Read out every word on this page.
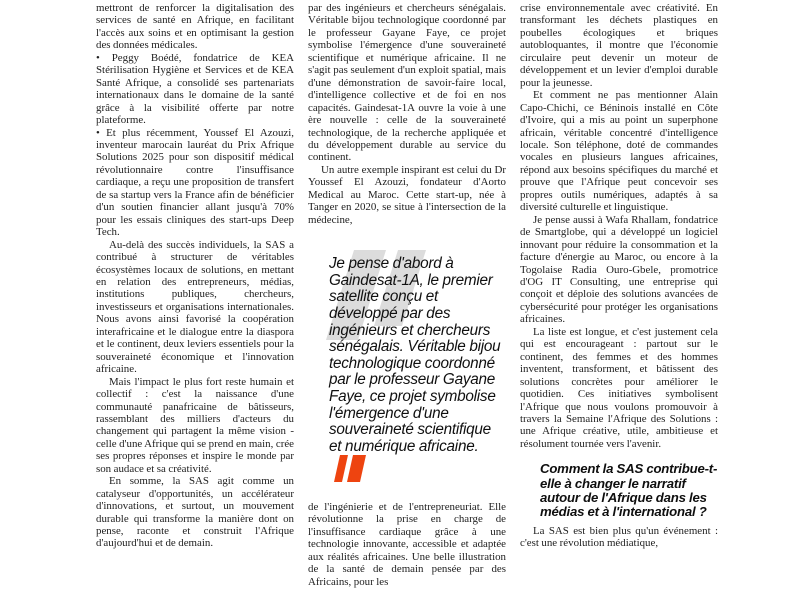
mettront de renforcer la digitalisation des services de santé en Afrique, en facilitant l'accès aux soins et en optimisant la gestion des données médicales.

• Peggy Boédé, fondatrice de KEA Stérilisation Hygiène et Services et de KEA Santé Afrique, a consolidé ses partenariats internationaux dans le domaine de la santé grâce à la visibilité offerte par notre plateforme.

• Et plus récemment, Youssef El Azouzi, inventeur marocain lauréat du Prix Afrique Solutions 2025 pour son dispositif médical révolutionnaire contre l'insuffisance cardiaque, a reçu une proposition de transfert de sa startup vers la France afin de bénéficier d'un soutien financier allant jusqu'à 70% pour les essais cliniques des start-ups Deep Tech.

Au-delà des succès individuels, la SAS a contribué à structurer de véritables écosystèmes locaux de solutions, en mettant en relation des entrepreneurs, médias, institutions publiques, chercheurs, investisseurs et organisations internationales. Nous avons ainsi favorisé la coopération interafricaine et le dialogue entre la diaspora et le continent, deux leviers essentiels pour la souveraineté économique et l'innovation africaine.

Mais l'impact le plus fort reste humain et collectif : c'est la naissance d'une communauté panafricaine de bâtisseurs, rassemblant des milliers d'acteurs du changement qui partagent la même vision - celle d'une Afrique qui se prend en main, crée ses propres réponses et inspire le monde par son audace et sa créativité.

En somme, la SAS agit comme un catalyseur d'opportunités, un accélérateur d'innovations, et surtout, un mouvement durable qui transforme la manière dont on pense, raconte et construit l'Afrique d'aujourd'hui et de demain.

par des ingénieurs et chercheurs sénégalais. Véritable bijou technologique coordonné par le professeur Gayane Faye, ce projet symbolise l'émergence d'une souveraineté scientifique et numérique africaine. Il ne s'agit pas seulement d'un exploit spatial, mais d'une démonstration de savoir-faire local, d'intelligence collective et de foi en nos capacités. Gaindesat-1A ouvre la voie à une ère nouvelle : celle de la souveraineté technologique, de la recherche appliquée et du développement durable au service du continent.

Un autre exemple inspirant est celui du Dr Youssef El Azouzi, fondateur d'Aorto Medical au Maroc. Cette start-up, née à Tanger en 2020, se situe à l'intersection de la médecine,

Je pense d'abord à Gaindesat-1A, le premier satellite conçu et développé par des ingénieurs et chercheurs sénégalais. Véritable bijou technologique coordonné par le professeur Gayane Faye, ce projet symbolise l'émergence d'une souveraineté scientifique et numérique africaine.

de l'ingénierie et de l'entrepreneuriat. Elle révolutionne la prise en charge de l'insuffisance cardiaque grâce à une technologie innovante, accessible et adaptée aux réalités africaines. Une belle illustration de la santé de demain pensée par des Africains, pour les

crise environnementale avec créativité. En transformant les déchets plastiques en poubelles écologiques et briques autobloquantes, il montre que l'économie circulaire peut devenir un moteur de développement et un levier d'emploi durable pour la jeunesse.

Et comment ne pas mentionner Alain Capo-Chichi, ce Béninois installé en Côte d'Ivoire, qui a mis au point un superphone africain, véritable concentré d'intelligence locale. Son téléphone, doté de commandes vocales en plusieurs langues africaines, répond aux besoins spécifiques du marché et prouve que l'Afrique peut concevoir ses propres outils numériques, adaptés à sa diversité culturelle et linguistique.

Je pense aussi à Wafa Rhallam, fondatrice de Smartglobe, qui a développé un logiciel innovant pour réduire la consommation et la facture d'énergie au Maroc, ou encore à la Togolaise Radia Ouro-Gbele, promotrice d'OG IT Consulting, une entreprise qui conçoit et déploie des solutions avancées de cybersécurité pour protéger les organisations africaines.

La liste est longue, et c'est justement cela qui est encourageant : partout sur le continent, des femmes et des hommes inventent, transforment, et bâtissent des solutions concrètes pour améliorer le quotidien. Ces initiatives symbolisent l'Afrique que nous voulons promouvoir à travers la Semaine l'Afrique des Solutions : une Afrique créative, utile, ambitieuse et résolument tournée vers l'avenir.

Comment la SAS contribue-t-elle à changer le narratif autour de l'Afrique dans les médias et à l'international ?

La SAS est bien plus qu'un événement : c'est une révolution médiatique,
